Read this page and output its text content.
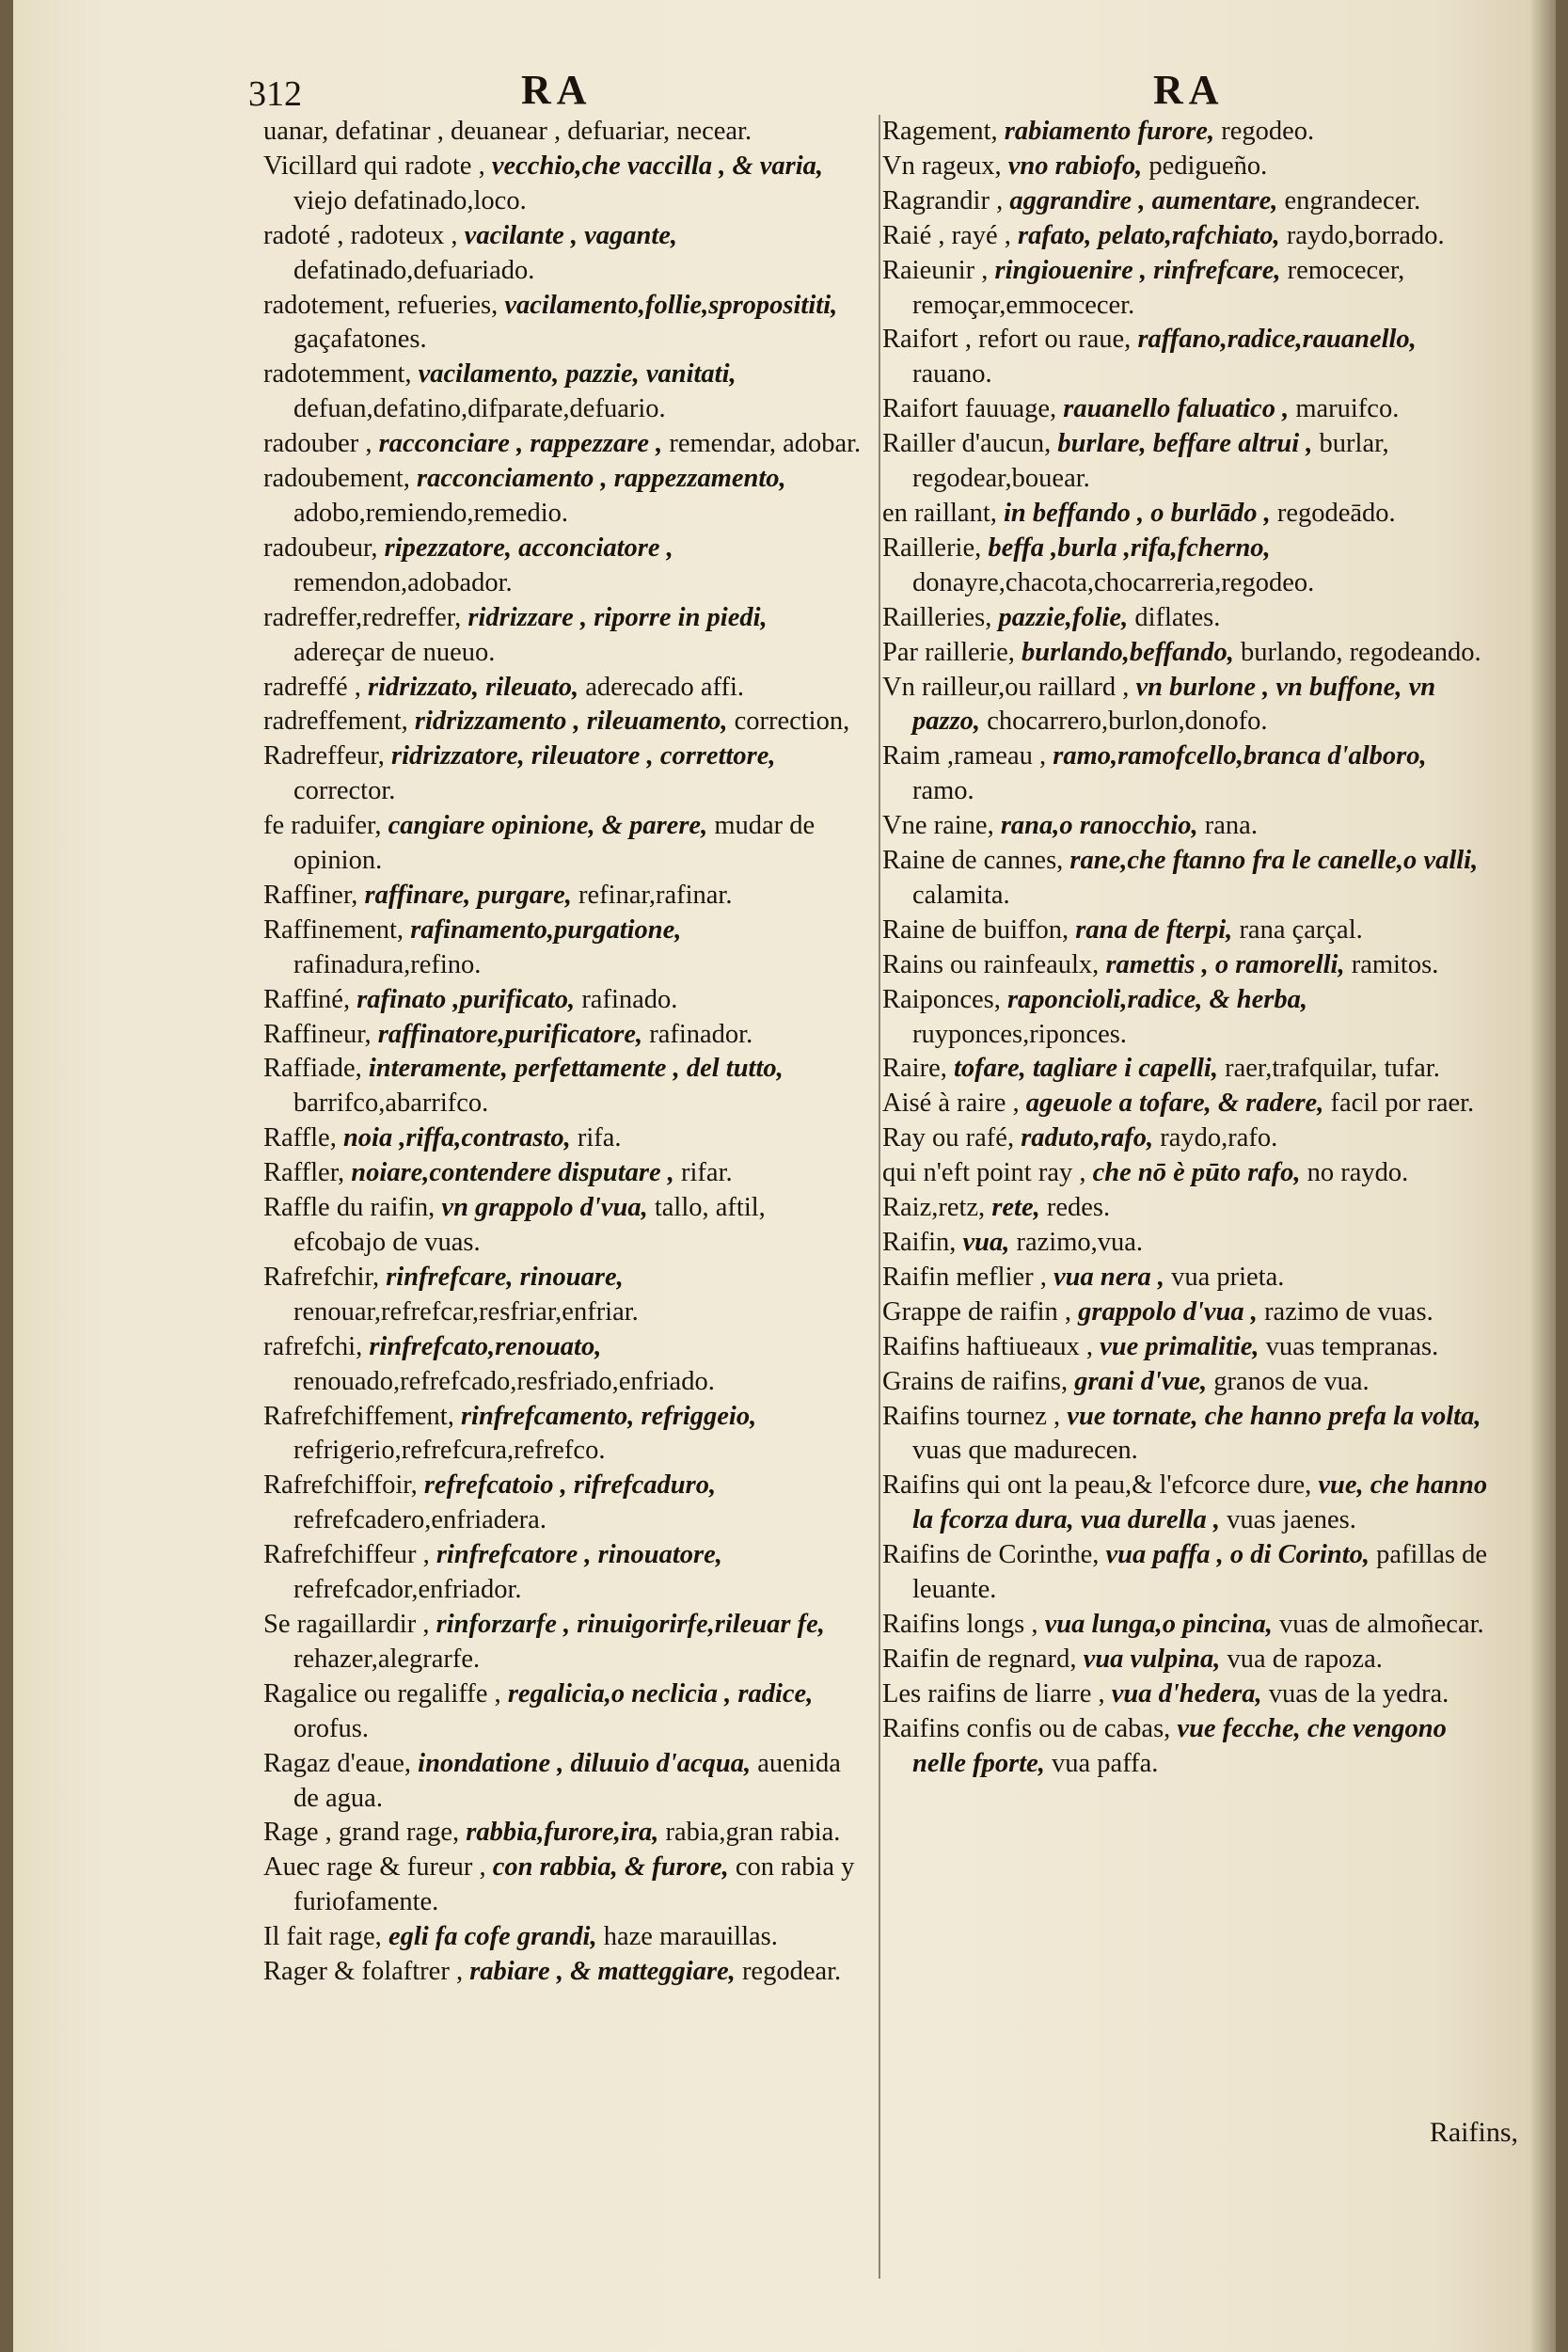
312	RA	RA
uanar, defatinar , deuanear , defuariar, necear.
Vicillard qui radote , vecchio,che vaccilla , & varia, viejo defatinado,loco.
radoté , radoteux , vacilante , vagante, defatinado,defuariado.
radotement, refueries, vacilamento,follie,sproposititi, gaçafatones.
radotemment, vacilamento, pazzie, vanitati, defuan,defatino,difparate,defuario.
radouber , racconciare , rappezzare , remendar, adobar.
radoubement, racconciamento , rappezzamento, adobo,remiendo,remedio.
radoubeur, ripezzatore, acconciatore , remendon,adobador.
radreffer,redreffer, ridrizzare , riporre in piedi, adereçar de nueuo.
radreffé , ridrizzato, rileuato, aderecado affi.
radreffement, ridrizzamento , rileuamento, correction,
Radreffeur, ridrizzatore, rileuatore , correttore, corrector.
fe raduifer, cangiare opinione, & parere, mudar de opinion.
Raffiner, raffinare, purgare, refinar,rafinar.
Raffinement, rafinamento,purgatione, rafinadura,refino.
Raffiné, rafinato ,purificato, rafinado.
Raffineur, raffinatore,purificatore, rafinador.
Raffiade, interamente, perfettamente , del tutto, barrifco,abarrifco.
Raffle, noia ,riffa,contrasto, rifa.
Raffler, noiare,contendere disputare , rifar.
Raffle du raifin, vn grappolo d'vua, tallo, aftil, efcobajo de vuas.
Rafrefchir, rinfrefcare, rinouare, renouar,refrefcar,resfriar,enfriar.
rafrefchi, rinfrefcato,renouato, renouado,refrefcado,resfriado,enfriado.
Rafrefchiffement, rinfrefcamento, refriggeio, refrigerio,refrefcura,refrefco.
Rafrefchiffoir, refrefcatoio , rifrefcaduro, refrefcadero,enfriadera.
Rafrefchiffeur , rinfrefcatore , rinouatore, refrefcador,enfriador.
Se ragaillardir , rinforzarfe , rinuigorirfe,rileuar fe, rehazer,alegrarfe.
Ragalice ou regaliffe , regalicia,o neclicia , radice, orofus.
Ragaz d'eaue, inondatione , diluuio d'acqua, auenida de agua.
Rage , grand rage, rabbia,furore,ira, rabia,gran rabia.
Auec rage & fureur , con rabbia, & furore, con rabia y furiofamente.
Il fait rage, egli fa cofe grandi, haze marauillas.
Rager & folaftrer , rabiare , & matteggiare, regodear.
Ragement, rabiamento furore, regodeo.
Vn rageux, vno rabiofo, pedigueño.
Ragrandir , aggrandire , aumentare, engrandecer.
Raié , rayé , rafato, pelato,rafchiato, raydo,borrado.
Raieunir , ringiouenire , rinfrefcare, remocecer, remoçar,emmocecer.
Raifort , refort ou raue, raffano,radice,rauanello, rauano.
Raifort fauuage, rauanello faluatico , maruifco.
Railler d'aucun, burlare, beffare altrui , burlar, regodear,bouear.
en raillant, in beffando , o burlādo , regodeādo.
Raillerie, beffa ,burla ,rifa,fcherno, donayre,chacota,chocarreria,regodeo.
Railleries, pazzie,folie, diflates.
Par raillerie, burlando,beffando, burlando, regodeando.
Vn railleur,ou raillard , vn burlone , vn buffone, vn pazzo, chocarrero,burlon,donofo.
Raim ,rameau , ramo,ramofcello,branca d'alboro, ramo.
Vne raine, rana,o ranocchio, rana.
Raine de cannes, rane,che ftanno fra le canelle,o valli, calamita.
Raine de buiffon, rana de fterpi, rana çarçal.
Rains ou rainfeaulx, ramettis , o ramorelli, ramitos.
Raiponces, raponcioli,radice, & herba, ruyponces,riponces.
Raire, tofare, tagliare i capelli, raer,trafquilar, tufar.
Aisé à raire , ageuole a tofare, & radere, facil por raer.
Ray ou rafé, raduto,rafo, raydo,rafo.
qui n'eft point ray , che nō è pūto rafo, no raydo.
Raiz,retz, rete, redes.
Raifin, vua, razimo,vua.
Raifin meflier , vua nera , vua prieta.
Grappe de raifin , grappolo d'vua , razimo de vuas.
Raifins haftiueaux , vue primalitie, vuas tempranas.
Grains de raifins, grani d'vue, granos de vua.
Raifins tournez , vue tornate, che hanno prefa la volta, vuas que madurecen.
Raifins qui ont la peau,& l'efcorce dure, vue, che hanno la fcorza dura, vua durella , vuas jaenes.
Raifins de Corinthe, vua paffa , o di Corinto, pafillas de leuante.
Raifins longs , vua lunga,o pincina, vuas de almoñecar.
Raifin de regnard, vua vulpina, vua de rapoza.
Les raifins de liarre , vua d'hedera, vuas de la yedra.
Raifins confis ou de cabas, vue fecche, che vengono nelle fporte, vua paffa.
Raifins,
